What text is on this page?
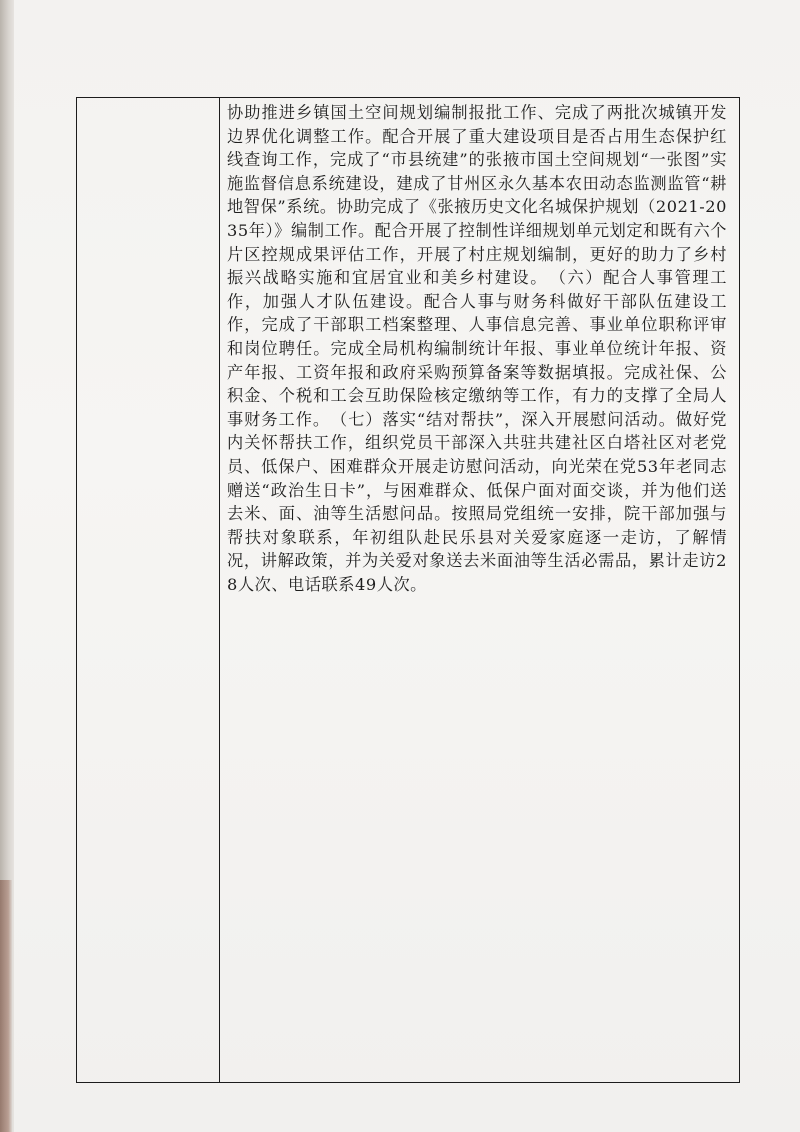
协助推进乡镇国土空间规划编制报批工作、完成了两批次城镇开发边界优化调整工作。配合开展了重大建设项目是否占用生态保护红线查询工作，完成了“市县统建”的张掖市国土空间规划“一张图”实施监督信息系统建设，建成了甘州区永久基本农田动态监测监管“耕地智保”系统。协助完成了《张掖历史文化名城保护规划（2021-2035年）》编制工作。配合开展了控制性详细规划单元划定和既有六个片区控规成果评估工作，开展了村庄规划编制，更好的助力了乡村振兴战略实施和宜居宜业和美乡村建设。　（六）配合人事管理工作，加强人才队伍建设。配合人事与财务科做好干部队伍建设工作，完成了干部职工档案整理、人事信息完善、事业单位职称评审和岗位聘任。完成全局机构编制统计年报、事业单位统计年报、资产年报、工资年报和政府采购预算备案等数据填报。完成社保、公积金、个税和工会互助保险核定缴纳等工作，有力的支撑了全局人事财务工作。　（七）落实“结对帮扶”，深入开展慰问活动。做好党内关怀帮扶工作，组织党员干部深入共驻共建社区白塔社区对老党员、低保户、困难群众开展走访慰问活动，向光荣在党53年老同志赠送“政治生日卡”，与困难群众、低保户面对面交谈，并为他们送去米、面、油等生活慰问品。按照局党组统一安排，院干部加强与帮扶对象联系，年初组队赴民乐县对关爱家庭逐一走访，了解情况，讲解政策，并为关爱对象送去米面油等生活必需品，累计走访28人次、电话联系49人次。
